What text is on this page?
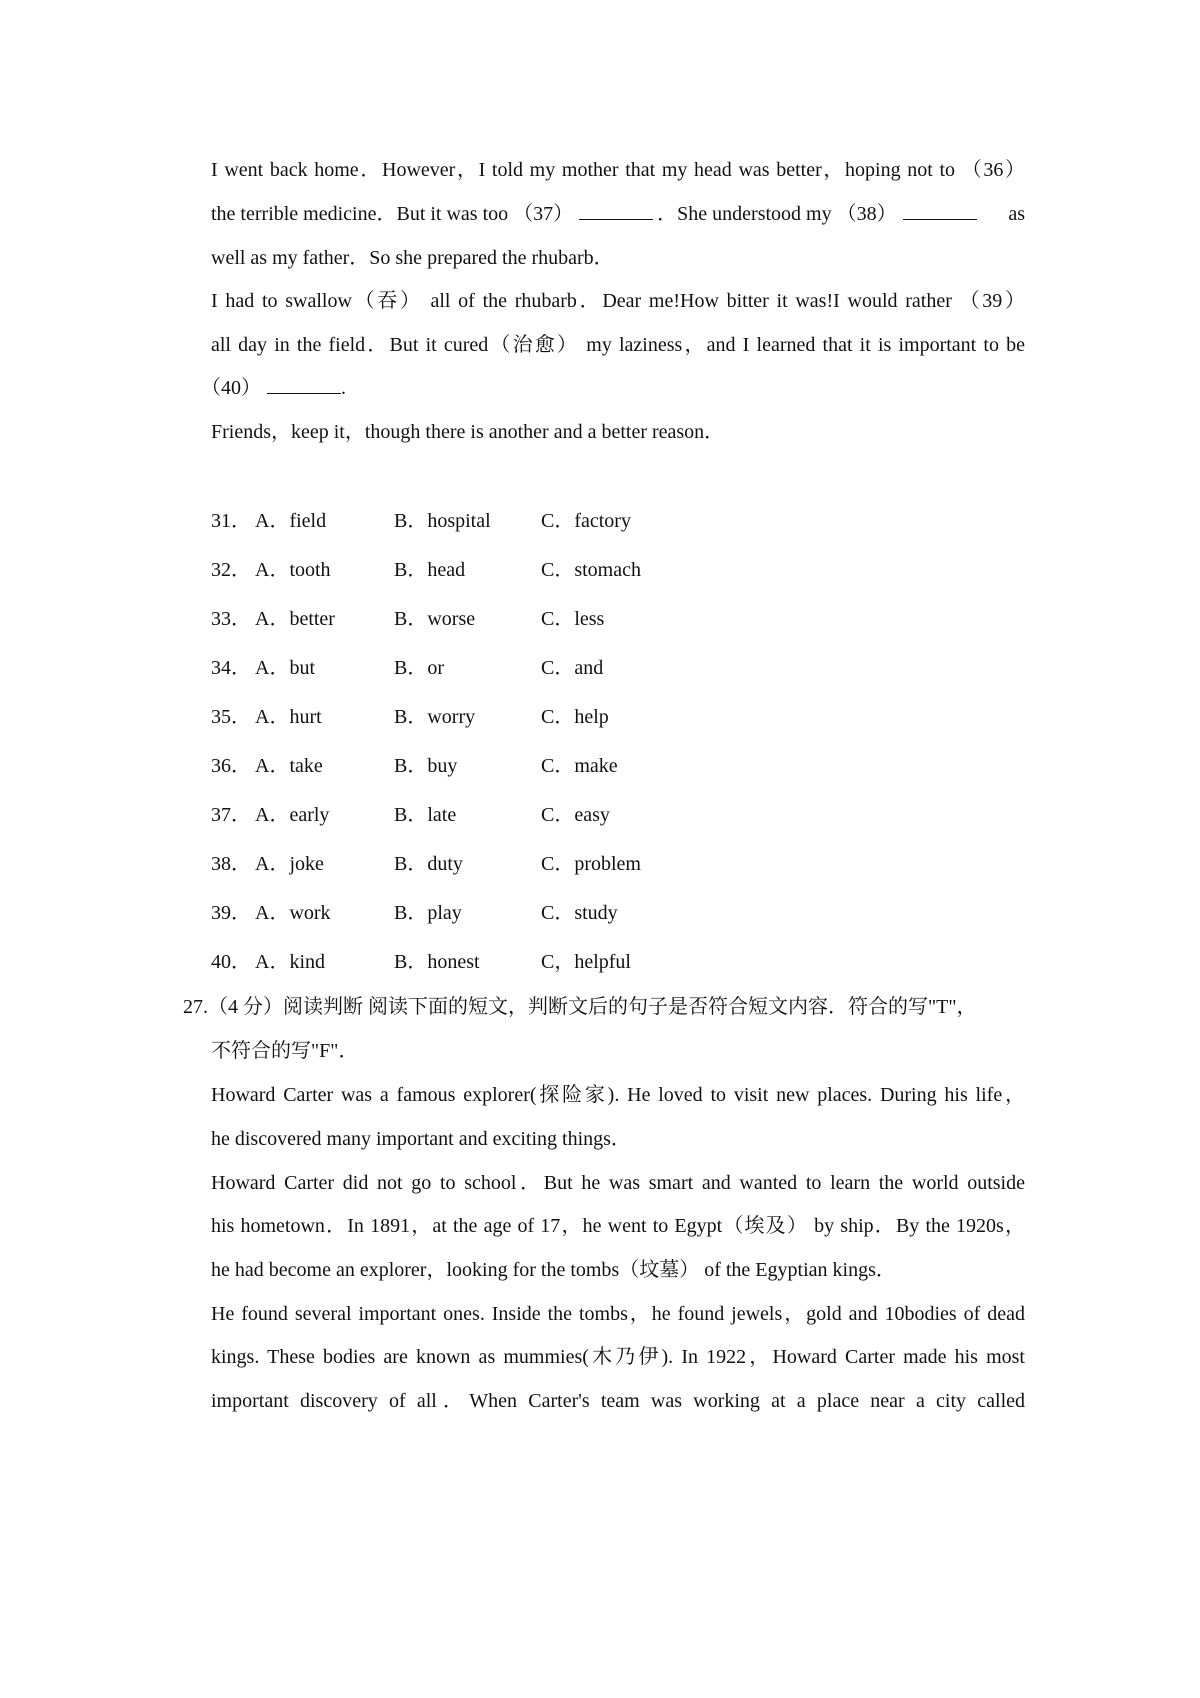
I went back home．However，I told my mother that my head was better，hoping not to （36）
the terrible medicine．But it was too （37）	．She understood my （38）	as
well as my father．So she prepared the rhubarb．
I had to swallow（吞） all of the rhubarb．Dear me!How bitter it was!I would rather （39）
all day in the field．But it cured（治愈） my laziness，and I learned that it is important to be
（40）	.
Friends，keep it，though there is another and a better reason．
31． A．field	B．hospital	C．factory
32． A．tooth	B．head	C．stomach
33． A．better	B．worse	C．less
34． A．but	B．or	C．and
35． A．hurt	B．worry	C．help
36． A．take	B．buy	C．make
37． A．early	B．late	C．easy
38． A．joke	B．duty	C．problem
39． A．work	B．play	C．study
40． A．kind	B．honest	C，helpful
27.（4 分）阅读判断 阅读下面的短文，判断文后的句子是否符合短文内容．符合的写"T"，
不符合的写"F"．
Howard Carter was a famous explorer(探险家). He loved to visit new places. During his life，
he discovered many important and exciting things．
Howard Carter did not go to school．But he was smart and wanted to learn the world outside
his hometown．In 1891，at the age of 17，he went to Egypt（埃及） by ship．By the 1920s，
he had become an explorer，looking for the tombs（坟墓） of the Egyptian kings．
He found several important ones. Inside the tombs，he found jewels，gold and 10bodies of dead
kings. These bodies are known as mummies(木乃伊). In 1922，Howard Carter made his most
important discovery of all．When Carter's team was working at a place near a city called
